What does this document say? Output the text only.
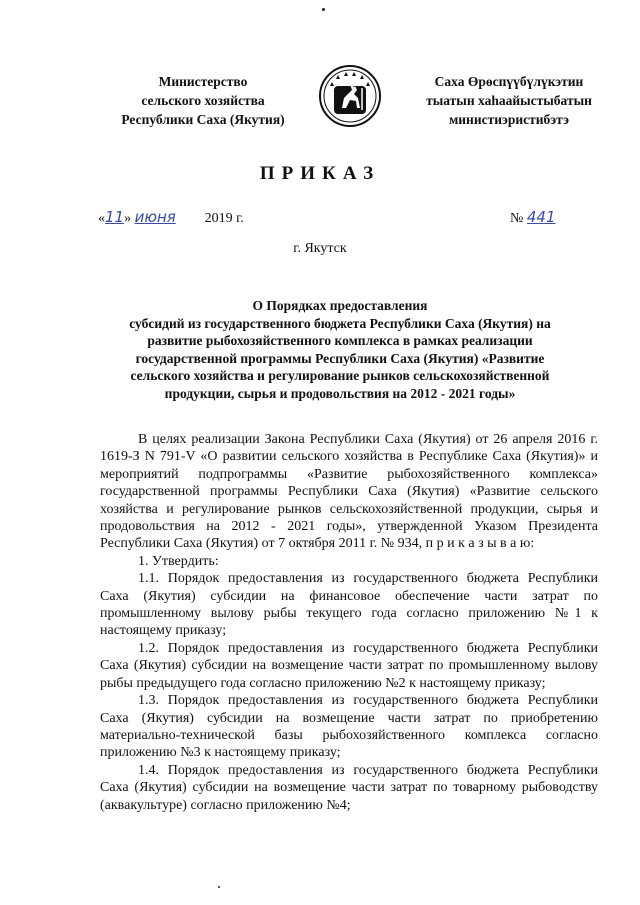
Министерство
сельского хозяйства
Республики Саха (Якутия)
Саха Өрөспүүбүлүкэтин
тыатын хаһаайыстыбатын
министиэристибэтэ
ПРИКАЗ
«11» июня 2019 г.	№ 441
г. Якутск
О Порядках предоставления
субсидий из государственного бюджета Республики Саха (Якутия) на
развитие рыбохозяйственного комплекса в рамках реализации
государственной программы Республики Саха (Якутия) «Развитие
сельского хозяйства и регулирование рынков сельскохозяйственной
продукции, сырья и продовольствия на 2012 - 2021 годы»

В целях реализации Закона Республики Саха (Якутия) от 26 апреля 2016 г. 1619-З N 791-V «О развитии сельского хозяйства в Республике Саха (Якутия)» и мероприятий подпрограммы «Развитие рыбохозяйственного комплекса» государственной программы Республики Саха (Якутия) «Развитие сельского хозяйства и регулирование рынков сельскохозяйственной продукции, сырья и продовольствия на 2012 - 2021 годы», утвержденной Указом Президента Республики Саха (Якутия) от 7 октября 2011 г. № 934, п р и к а з ы в а ю:

1. Утвердить:

1.1. Порядок предоставления из государственного бюджета Республики Саха (Якутия) субсидии на финансовое обеспечение части затрат по промышленному вылову рыбы текущего года согласно приложению №1 к настоящему приказу;

1.2. Порядок предоставления из государственного бюджета Республики Саха (Якутия) субсидии на возмещение части затрат по промышленному вылову рыбы предыдущего года согласно приложению №2 к настоящему приказу;

1.3. Порядок предоставления из государственного бюджета Республики Саха (Якутия) субсидии на возмещение части затрат по приобретению материально-технической базы рыбохозяйственного комплекса согласно приложению №3 к настоящему приказу;

1.4. Порядок предоставления из государственного бюджета Республики Саха (Якутия) субсидии на возмещение части затрат по товарному рыбоводству (аквакультуре) согласно приложению №4;
